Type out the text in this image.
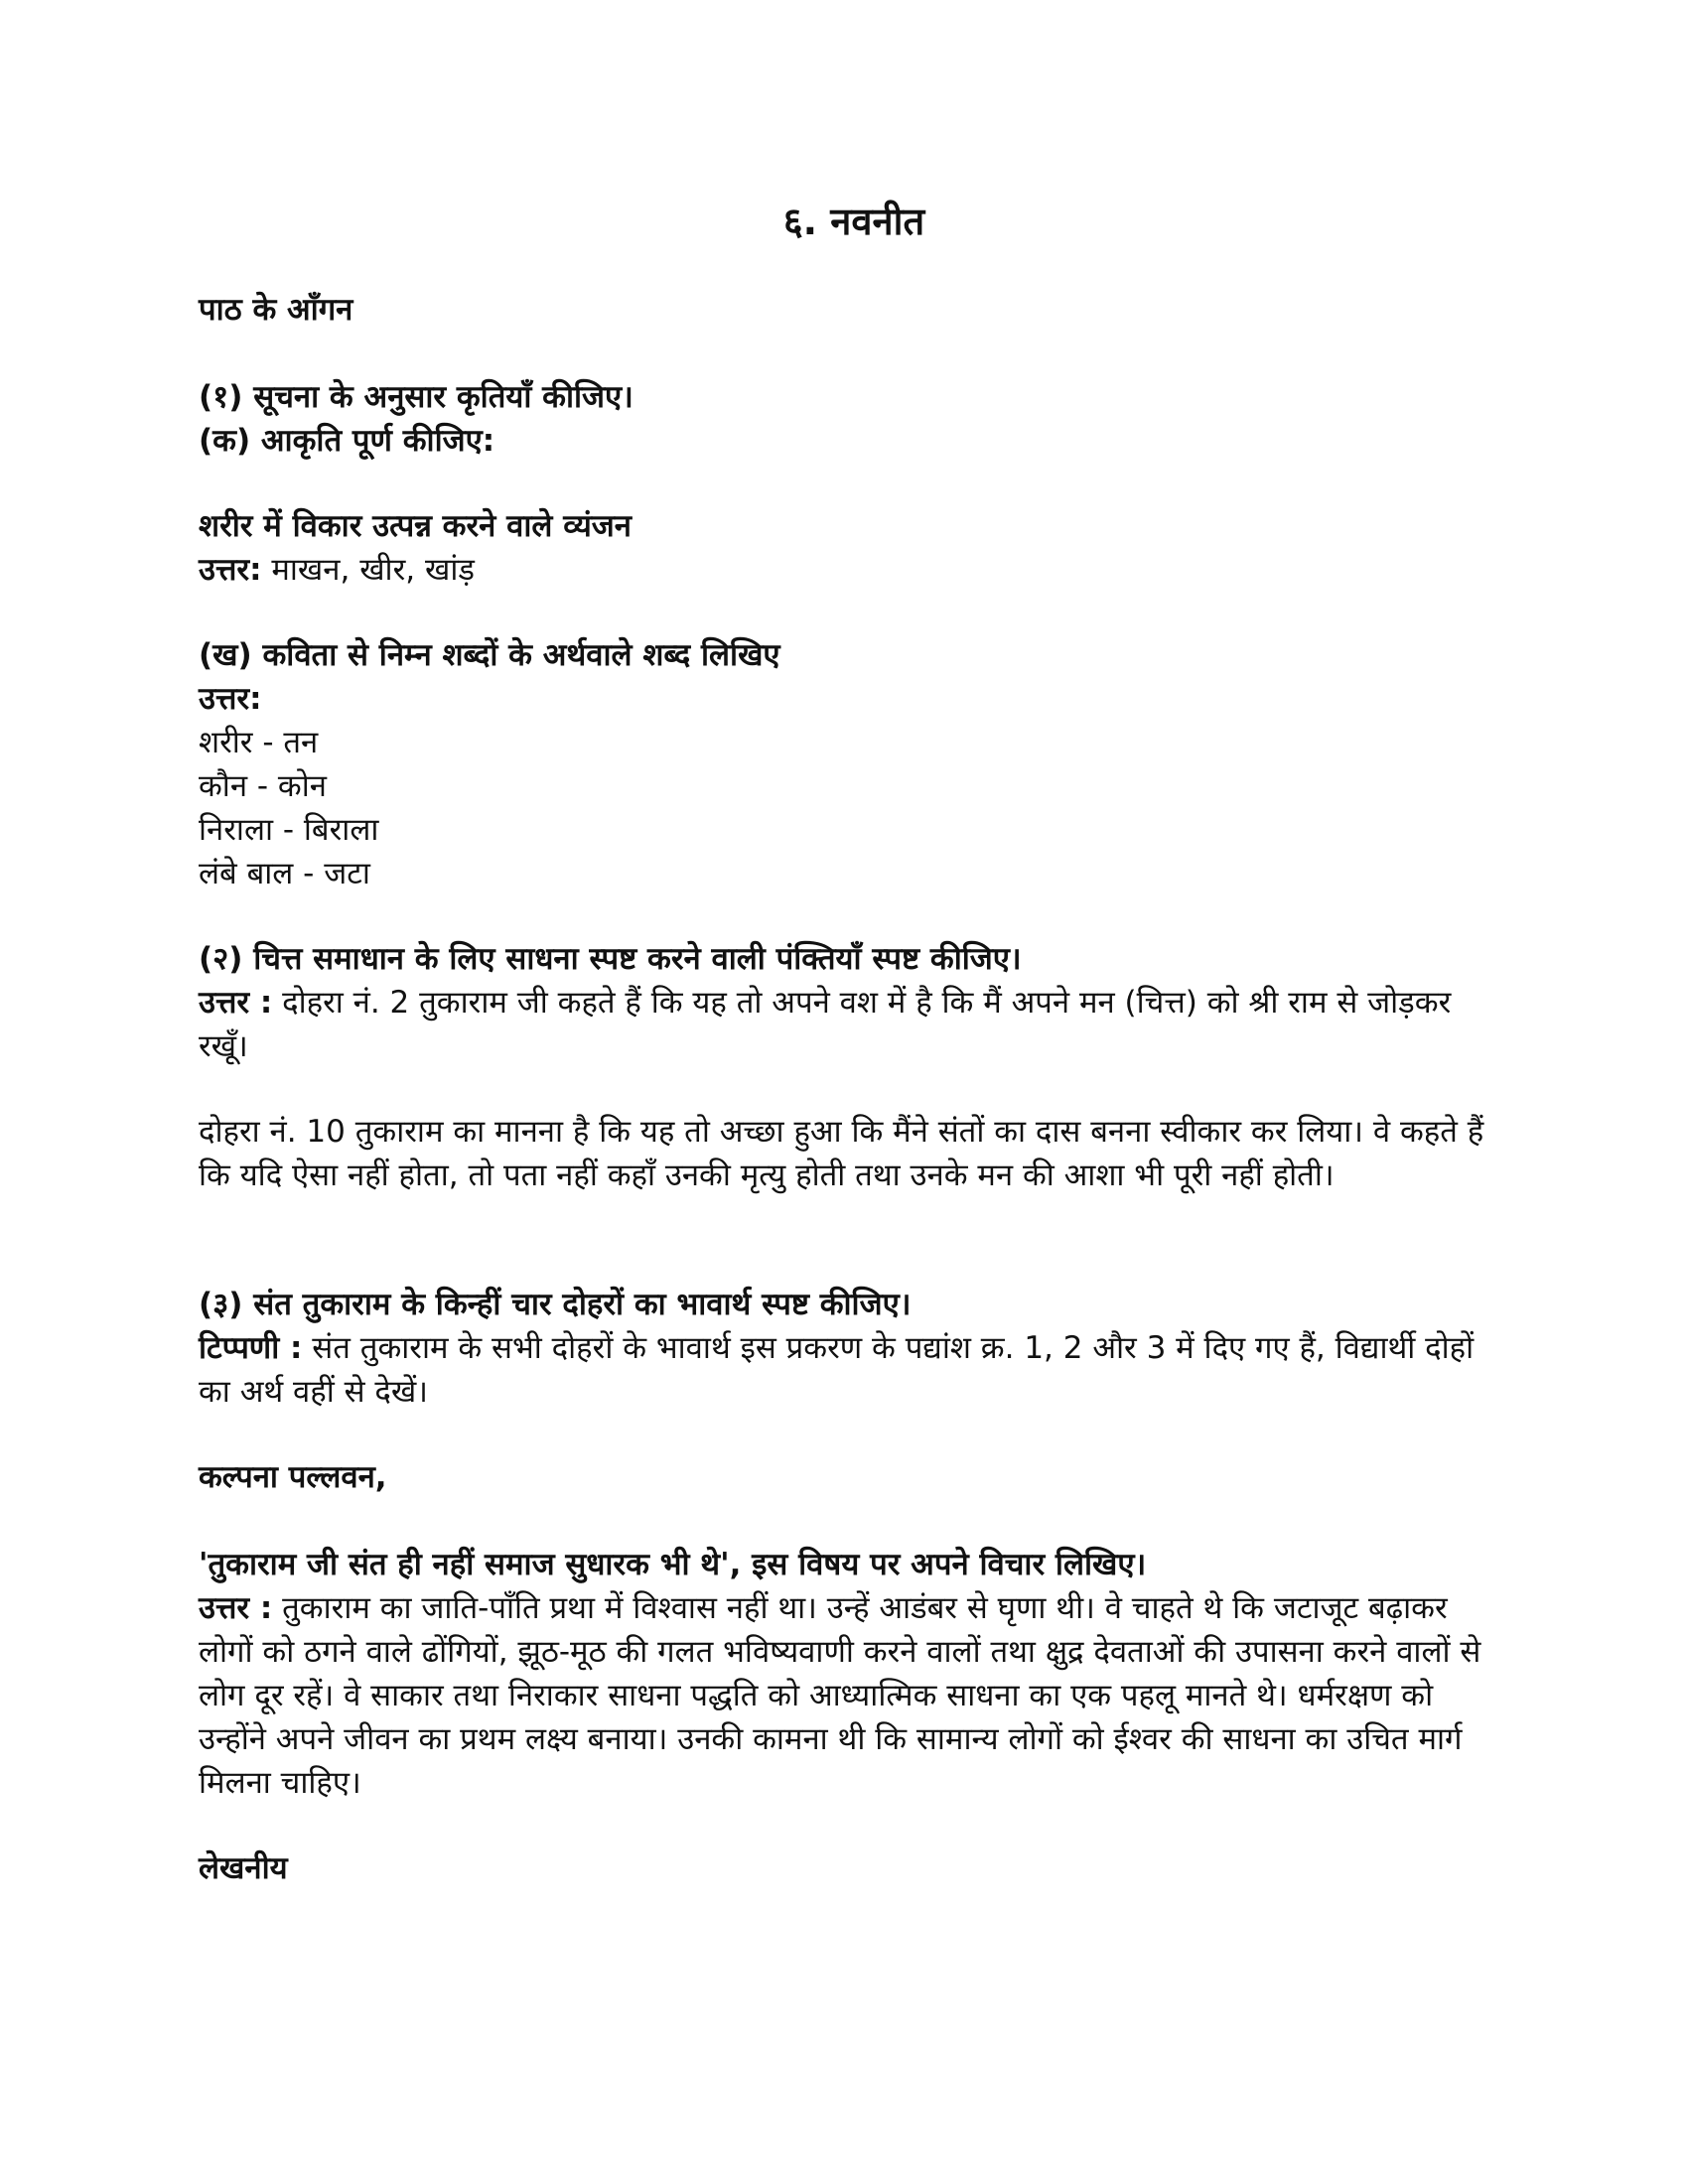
६. नवनीत
पाठ के आँगन
(१) सूचना के अनुसार कृतियाँ कीजिए।
(क) आकृति पूर्ण कीजिए:
शरीर में विकार उत्पन्न करने वाले व्यंजन
उत्तर: माखन, खीर, खांड़
(ख) कविता से निम्न शब्दों के अर्थवाले शब्द लिखिए
उत्तर:
शरीर - तन
कौन - कोन
निराला - बिराला
लंबे बाल - जटा
(२) चित्त समाधान के लिए साधना स्पष्ट करने वाली पंक्तियाँ स्पष्ट कीजिए।
उत्तर : दोहरा नं. 2 तुकाराम जी कहते हैं कि यह तो अपने वश में है कि मैं अपने मन (चित्त) को श्री राम से जोड़कर रखूँ।
दोहरा नं. 10 तुकाराम का मानना है कि यह तो अच्छा हुआ कि मैंने संतों का दास बनना स्वीकार कर लिया। वे कहते हैं कि यदि ऐसा नहीं होता, तो पता नहीं कहाँ उनकी मृत्यु होती तथा उनके मन की आशा भी पूरी नहीं होती।
(३) संत तुकाराम के किन्हीं चार दोहरों का भावार्थ स्पष्ट कीजिए।
टिप्पणी : संत तुकाराम के सभी दोहरों के भावार्थ इस प्रकरण के पद्यांश क्र. 1, 2 और 3 में दिए गए हैं, विद्यार्थी दोहों का अर्थ वहीं से देखें।
कल्पना पल्लवन,
'तुकाराम जी संत ही नहीं समाज सुधारक भी थे', इस विषय पर अपने विचार लिखिए।
उत्तर : तुकाराम का जाति-पाँति प्रथा में विश्वास नहीं था। उन्हें आडंबर से घृणा थी। वे चाहते थे कि जटाजूट बढ़ाकर लोगों को ठगने वाले ढोंगियों, झूठ-मूठ की गलत भविष्यवाणी करने वालों तथा क्षुद्र देवताओं की उपासना करने वालों से लोग दूर रहें। वे साकार तथा निराकार साधना पद्धति को आध्यात्मिक साधना का एक पहलू मानते थे। धर्मरक्षण को उन्होंने अपने जीवन का प्रथम लक्ष्य बनाया। उनकी कामना थी कि सामान्य लोगों को ईश्वर की साधना का उचित मार्ग मिलना चाहिए।
लेखनीय
